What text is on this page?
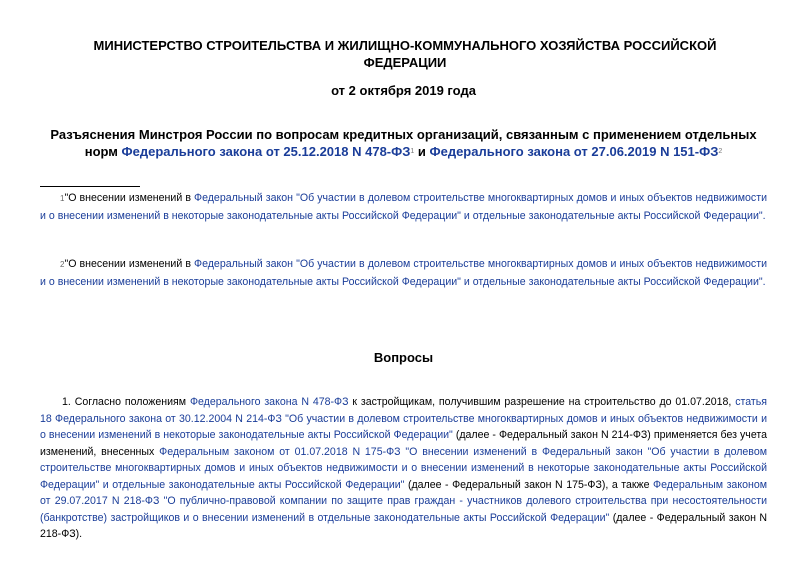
МИНИСТЕРСТВО СТРОИТЕЛЬСТВА И ЖИЛИЩНО-КОММУНАЛЬНОГО ХОЗЯЙСТВА РОССИЙСКОЙ ФЕДЕРАЦИИ
от 2 октября 2019 года
Разъяснения Минстроя России по вопросам кредитных организаций, связанным с применением отдельных норм Федерального закона от 25.12.2018 N $478-ФЗ^1$ и Федерального закона от 27.06.2019 N $151-ФЗ^2$
1"О внесении изменений в Федеральный закон "Об участии в долевом строительстве многоквартирных домов и иных объектов недвижимости и о внесении изменений в некоторые законодательные акты Российской Федерации" и отдельные законодательные акты Российской Федерации".
2"О внесении изменений в Федеральный закон "Об участии в долевом строительстве многоквартирных домов и иных объектов недвижимости и о внесении изменений в некоторые законодательные акты Российской Федерации" и отдельные законодательные акты Российской Федерации".
Вопросы
1. Согласно положениям Федерального закона N 478-ФЗ к застройщикам, получившим разрешение на строительство до 01.07.2018, статья 18 Федерального закона от 30.12.2004 N 214-ФЗ "Об участии в долевом строительстве многоквартирных домов и иных объектов недвижимости и о внесении изменений в некоторые законодательные акты Российской Федерации" (далее - Федеральный закон N 214-ФЗ) применяется без учета изменений, внесенных Федеральным законом от 01.07.2018 N 175-ФЗ "О внесении изменений в Федеральный закон "Об участии в долевом строительстве многоквартирных домов и иных объектов недвижимости и о внесении изменений в некоторые законодательные акты Российской Федерации" и отдельные законодательные акты Российской Федерации" (далее - Федеральный закон N 175-ФЗ), а также Федеральным законом от 29.07.2017 N 218-ФЗ "О публично-правовой компании по защите прав граждан - участников долевого строительства при несостоятельности (банкротстве) застройщиков и о внесении изменений в отдельные законодательные акты Российской Федерации" (далее - Федеральный закон N 218-ФЗ).
